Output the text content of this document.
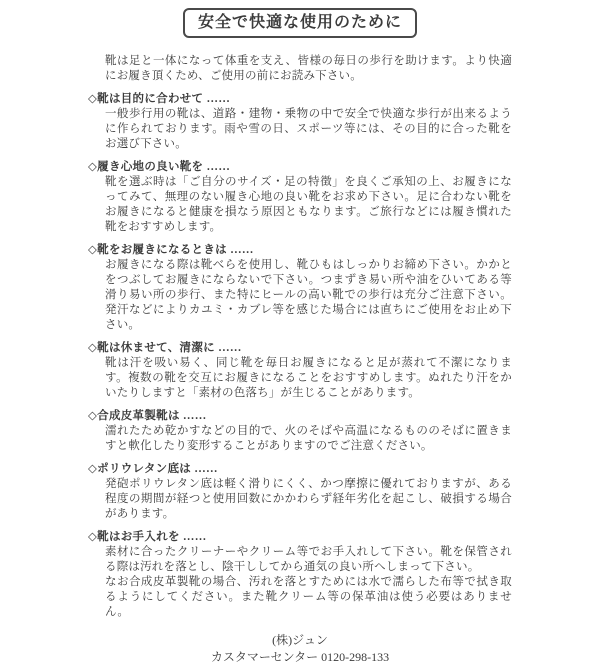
安全で快適な使用のために

靴は足と一体になって体重を支え、皆様の毎日の歩行を助けます。より快適にお履き頂くため、ご使用の前にお読み下さい。

◇靴は目的に合わせて ……

一般歩行用の靴は、道路・建物・乗物の中で安全で快適な歩行が出来るように作られております。雨や雪の日、スポーツ等には、その目的に合った靴をお選び下さい。

◇履き心地の良い靴を ……

靴を選ぶ時は「ご自分のサイズ・足の特徴」を良くご承知の上、お履きになってみて、無理のない履き心地の良い靴をお求め下さい。足に合わない靴をお履きになると健康を損なう原因ともなります。ご旅行などには履き慣れた靴をおすすめします。

◇靴をお履きになるときは ……

お履きになる際は靴べらを使用し、靴ひもはしっかりお締め下さい。かかとをつぶしてお履きにならないで下さい。つまずき易い所や油をひいてある等滑り易い所の歩行、また特にヒールの高い靴での歩行は充分ご注意下さい。発汗などによりカユミ・カブレ等を感じた場合には直ちにご使用をお止め下さい。

◇靴は休ませて、清潔に ……

靴は汗を吸い易く、同じ靴を毎日お履きになると足が蒸れて不潔になります。複数の靴を交互にお履きになることをおすすめします。ぬれたり汗をかいたりしますと「素材の色落ち」が生じることがあります。

◇合成皮革製靴は ……

濡れたため乾かすなどの目的で、火のそばや高温になるもののそばに置きますと軟化したり変形することがありますのでご注意ください。

◇ポリウレタン底は ……

発砲ポリウレタン底は軽く滑りにくく、かつ摩擦に優れておりますが、ある程度の期間が経つと使用回数にかかわらず経年劣化を起こし、破損する場合があります。

◇靴はお手入れを ……

素材に合ったクリーナーやクリーム等でお手入れして下さい。靴を保管される際は汚れを落とし、陰干ししてから通気の良い所へしまって下さい。

なお合成皮革製靴の場合、汚れを落とすためには水で濡らした布等で拭き取るようにしてください。また靴クリーム等の保革油は使う必要はありません。

(株)ジュン
カスタマーセンター 0120-298-133
